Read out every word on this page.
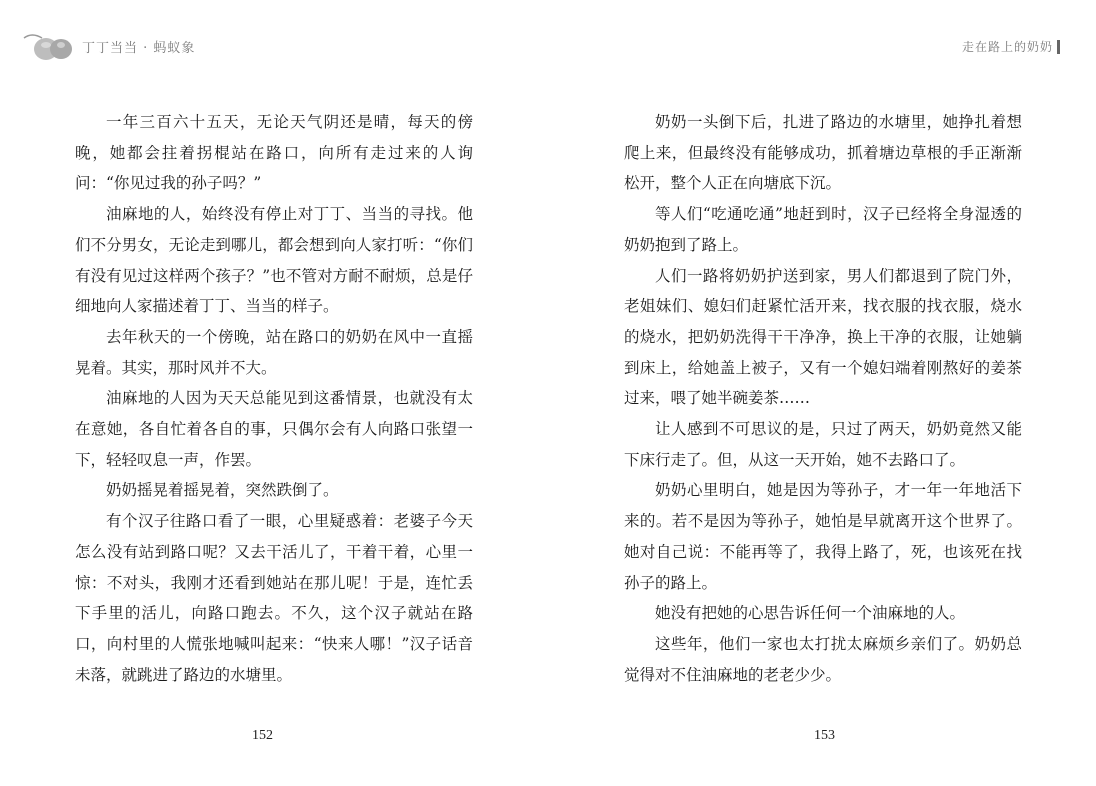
丁丁当当 · 蚂蚁象	走在路上的奶奶

一年三百六十五天，无论天气阴还是晴，每天的傍晚，她都会拄着拐棍站在路口，向所有走过来的人询问：“你见过我的孙子吗？”

油麻地的人，始终没有停止对丁丁、当当的寻找。他们不分男女，无论走到哪儿，都会想到向人家打听：“你们有没有见过这样两个孩子？”也不管对方耐不耐烦，总是仔细地向人家描述着丁丁、当当的样子。

去年秋天的一个傍晚，站在路口的奶奶在风中一直摇晃着。其实，那时风并不大。

油麻地的人因为天天总能见到这番情景，也就没有太在意她，各自忙着各自的事，只偶尔会有人向路口张望一下，轻轻叹息一声，作罢。

奶奶摇晃着摇晃着，突然跌倒了。

有个汉子往路口看了一眼，心里疑惑着：老婆子今天怎么没有站到路口呢？又去干活儿了，干着干着，心里一惊：不对头，我刚才还看到她站在那儿呢！于是，连忙丢下手里的活儿，向路口跑去。不久，这个汉子就站在路口，向村里的人慌张地喊叫起来：“快来人哪！”汉子话音未落，就跳进了路边的水塘里。

奶奶一头倒下后，扎进了路边的水塘里，她挣扎着想爬上来，但最终没有能够成功，抓着塘边草根的手正渐渐松开，整个人正在向塘底下沉。

等人们“吃通吃通”地赶到时，汉子已经将全身湿透的奶奶抱到了路上。

人们一路将奶奶护送到家，男人们都退到了院门外，老姐妹们、媳妇们赶紧忙活开来，找衣服的找衣服，烧水的烧水，把奶奶洗得干干净净，换上干净的衣服，让她躺到床上，给她盖上被子，又有一个媳妇端着刚熬好的姜茶过来，喂了她半碗姜茶……

让人感到不可思议的是，只过了两天，奶奶竟然又能下床行走了。但，从这一天开始，她不去路口了。

奶奶心里明白，她是因为等孙子，才一年一年地活下来的。若不是因为等孙子，她怕是早就离开这个世界了。她对自己说：不能再等了，我得上路了，死，也该死在找孙子的路上。

她没有把她的心思告诉任何一个油麻地的人。

这些年，他们一家也太打扰太麻烦乡亲们了。奶奶总觉得对不住油麻地的老老少少。

152	153
